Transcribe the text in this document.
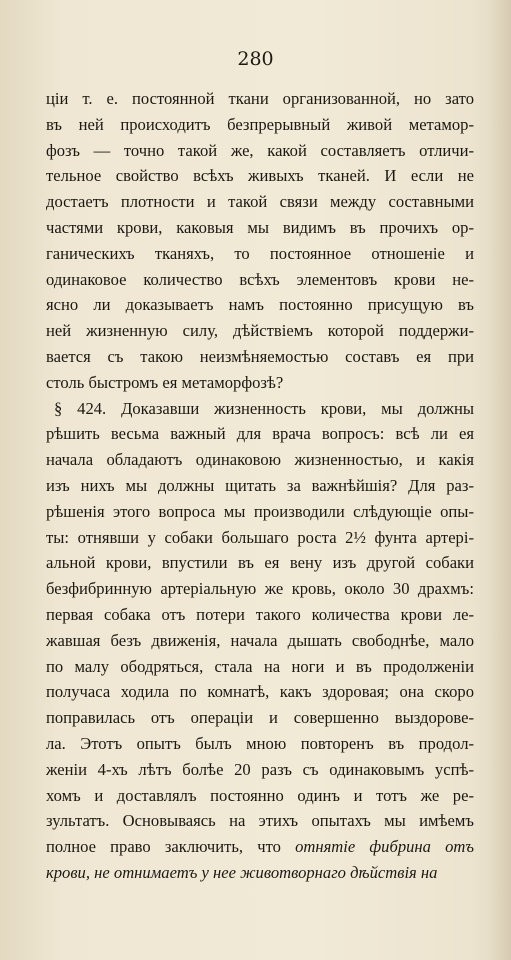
280
ціи т. е. постоянной ткани организованной, но зато
въ ней происходитъ безпрерывный живой метамор-
фозъ — точно такой же, какой составляетъ отличи-
тельное свойство всѣхъ живыхъ тканей. И если не
достаетъ плотности и такой связи между составными
частями крови, каковыя мы видимъ въ прочихъ ор-
ганическихъ тканяхъ, то постоянное отношеніе и
одинаковое количество всѣхъ элементовъ крови не-
ясно ли доказываетъ намъ постоянно присущую въ
ней жизненную силу, дѣйствіемъ которой поддержи-
вается съ такою неизмѣняемостью составъ ея при
столь быстромъ ея метаморфозѣ?
§ 424. Доказавши жизненность крови, мы должны
рѣшить весьма важный для врача вопросъ: всѣ ли ея
начала обладаютъ одинаковою жизненностью, и какія
изъ нихъ мы должны щитать за важнѣйшія? Для раз-
рѣшенія этого вопроса мы производили слѣдующіе опы-
ты: отнявши у собаки большаго роста 2½ фунта артері-
альной крови, впустили въ ея вену изъ другой собаки
безфибринную артеріальную же кровь, около 30 драхмъ:
первая собака отъ потери такого количества крови ле-
жавшая безъ движенія, начала дышать свободнѣе, мало
по малу ободряться, стала на ноги и въ продолженіи
получаса ходила по комнатѣ, какъ здоровая; она скоро
поправилась отъ операціи и совершенно выздорове-
ла. Этотъ опытъ былъ мною повторенъ въ продол-
женіи 4-хъ лѣтъ болѣе 20 разъ съ одинаковымъ успѣ-
хомъ и доставлялъ постоянно одинъ и тотъ же ре-
зультатъ. Основываясь на этихъ опытахъ мы имѣемъ
полное право заключить, что отнятіе фибрина отъ
крови, не отнимаетъ у нее животворнаго дѣйствія на
